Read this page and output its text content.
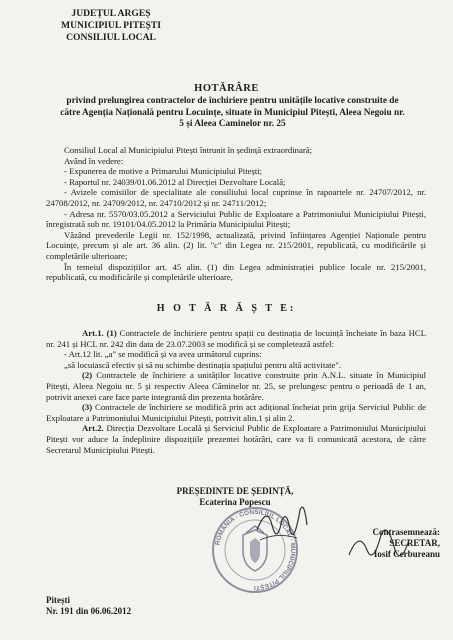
JUDEȚUL ARGEȘ
MUNICIPIUL PITEȘTI
CONSILIUL LOCAL
HOTĂRÂRE
privind prelungirea contractelor de închiriere pentru unitățile locative construite de către Agenția Națională pentru Locuințe, situate în Municipiul Pitești, Aleea Negoiu nr. 5 și Aleea Caminelor nr. 25

Consiliul Local al Municipiului Pitești întrunit în ședință extraordinară;

Având în vedere:

- Expunerea de motive a Primarului Municipiului Pitești;

- Raportul nr. 24039/01.06.2012 al Direcției Dezvoltare Locală;

- Avizele comisiilor de specialitate ale consiliului local cuprinse în rapoartele nr. 24707/2012, nr. 24708/2012, nr. 24709/2012, nr. 24710/2012 și nr. 24711/2012;

- Adresa nr. 5570/03.05.2012 a Serviciului Public de Exploatare a Patrimoniului Municipiului Pitești, înregistrată sub nr. 19101/04.05.2012 la Primăria Municipiului Pitești;

Văzând prevederile Legii nr. 152/1998, actualizată, privind înființarea Agenției Naționale pentru Locuințe, precum și ale art. 36 alin. (2) lit. "c" din Legea nr. 215/2001, republicată, cu modificările și completările ulterioare;

În temeiul dispozițiilor art. 45 alin. (1) din Legea administrației publice locale nr. 215/2001, republicată, cu modificările și completările ulterioare,

H O T Ă R Ă Ș T E:

Art.1. (1) Contractele de închiriere pentru spații cu destinația de locuință încheiate în baza HCL nr. 241 și HCL nr. 242 din data de 23.07.2003 se modifică și se completează astfel:

- Art.12 lit. „a" se modifică și va avea următorul cuprins:

„să locuiască efectiv și să nu schimbe destinația spațiului pentru altă activitate".

(2) Contractele de închiriere a unităților locative construite prin A.N.L. situate în Municipiul Pitești, Aleea Negoiu nr. 5 și respectiv Aleea Căminelor nr. 25, se prelungesc pentru o perioadă de 1 an, potrivit anexei care face parte integrantă din prezenta hotărâre.

(3) Contractele de închiriere se modifică prin act adițional încheiat prin grija Serviciul Public de Exploatare a Patrimoniului Municipiului Pitești, potrivit alin.1 și alin 2.

Art.2. Direcția Dezvoltare Locală și Serviciul Public de Exploatare a Patrimoniului Municipiului Pitești vor aduce la îndeplinire dispozițiile prezentei hotărâri, care va fi comunicată acestora, de către Secretarul Municipiului Pitești.

PREȘEDINTE DE ȘEDINȚĂ,
Ecaterina Popescu
ROMÂNIA · CONSILIUL LOCAL · MUNICIPIUL PITEȘTI
Contrasemnează:
SECRETAR,
Iosif Cerbureanu
Pitești
Nr. 191 din 06.06.2012
